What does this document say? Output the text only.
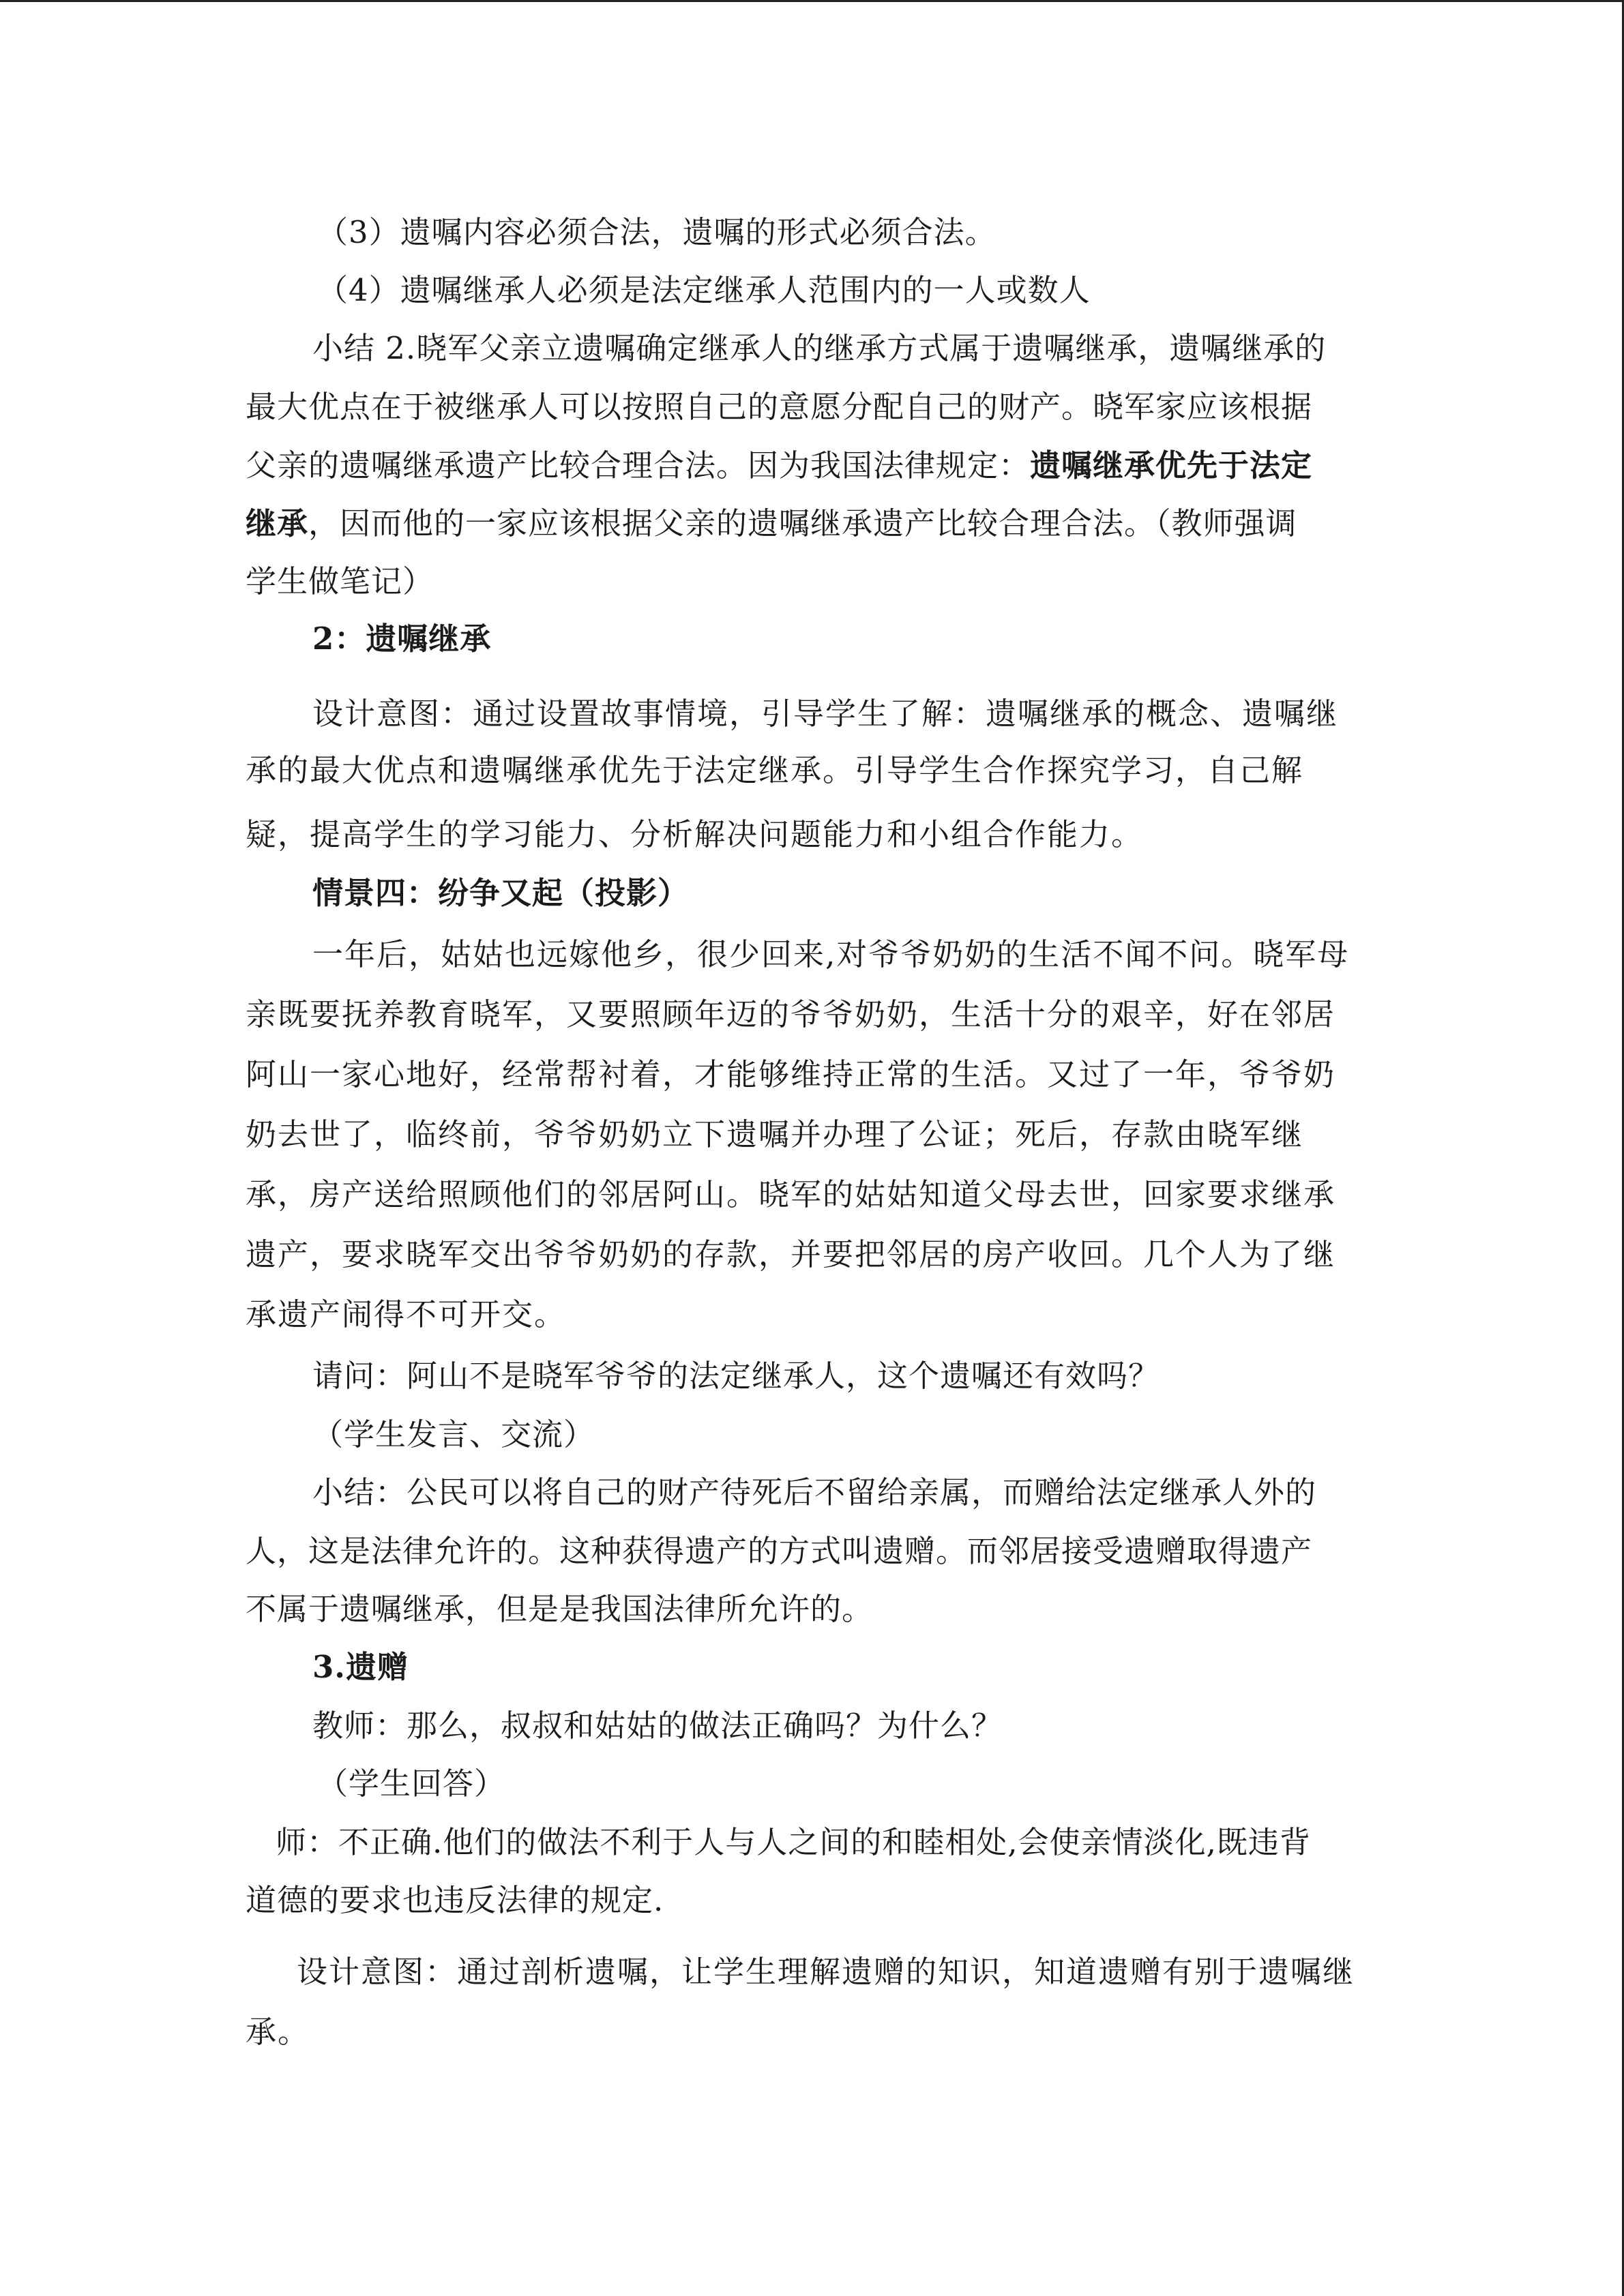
（3）遗嘱内容必须合法，遗嘱的形式必须合法。
（4）遗嘱继承人必须是法定继承人范围内的一人或数人
小结 2.晓军父亲立遗嘱确定继承人的继承方式属于遗嘱继承，遗嘱继承的
最大优点在于被继承人可以按照自己的意愿分配自己的财产。晓军家应该根据
父亲的遗嘱继承遗产比较合理合法。因为我国法律规定：遗嘱继承优先于法定
继承，因而他的一家应该根据父亲的遗嘱继承遗产比较合理合法。（教师强调
学生做笔记）
2：遗嘱继承
设计意图：通过设置故事情境，引导学生了解：遗嘱继承的概念、遗嘱继
承的最大优点和遗嘱继承优先于法定继承。引导学生合作探究学习，自己解
疑，提高学生的学习能力、分析解决问题能力和小组合作能力。
情景四：纷争又起（投影）
一年后，姑姑也远嫁他乡，很少回来,对爷爷奶奶的生活不闻不问。晓军母
亲既要抚养教育晓军，又要照顾年迈的爷爷奶奶，生活十分的艰辛，好在邻居
阿山一家心地好，经常帮衬着，才能够维持正常的生活。又过了一年，爷爷奶
奶去世了，临终前，爷爷奶奶立下遗嘱并办理了公证；死后，存款由晓军继
承，房产送给照顾他们的邻居阿山。晓军的姑姑知道父母去世，回家要求继承
遗产，要求晓军交出爷爷奶奶的存款，并要把邻居的房产收回。几个人为了继
承遗产闹得不可开交。
请问：阿山不是晓军爷爷的法定继承人，这个遗嘱还有效吗？
（学生发言、交流）
小结：公民可以将自己的财产待死后不留给亲属，而赠给法定继承人外的
人，这是法律允许的。这种获得遗产的方式叫遗赠。而邻居接受遗赠取得遗产
不属于遗嘱继承，但是是我国法律所允许的。
3.遗赠
教师：那么，叔叔和姑姑的做法正确吗？为什么？
（学生回答）
师：不正确.他们的做法不利于人与人之间的和睦相处,会使亲情淡化,既违背
道德的要求也违反法律的规定.
设计意图：通过剖析遗嘱，让学生理解遗赠的知识，知道遗赠有别于遗嘱继
承。
